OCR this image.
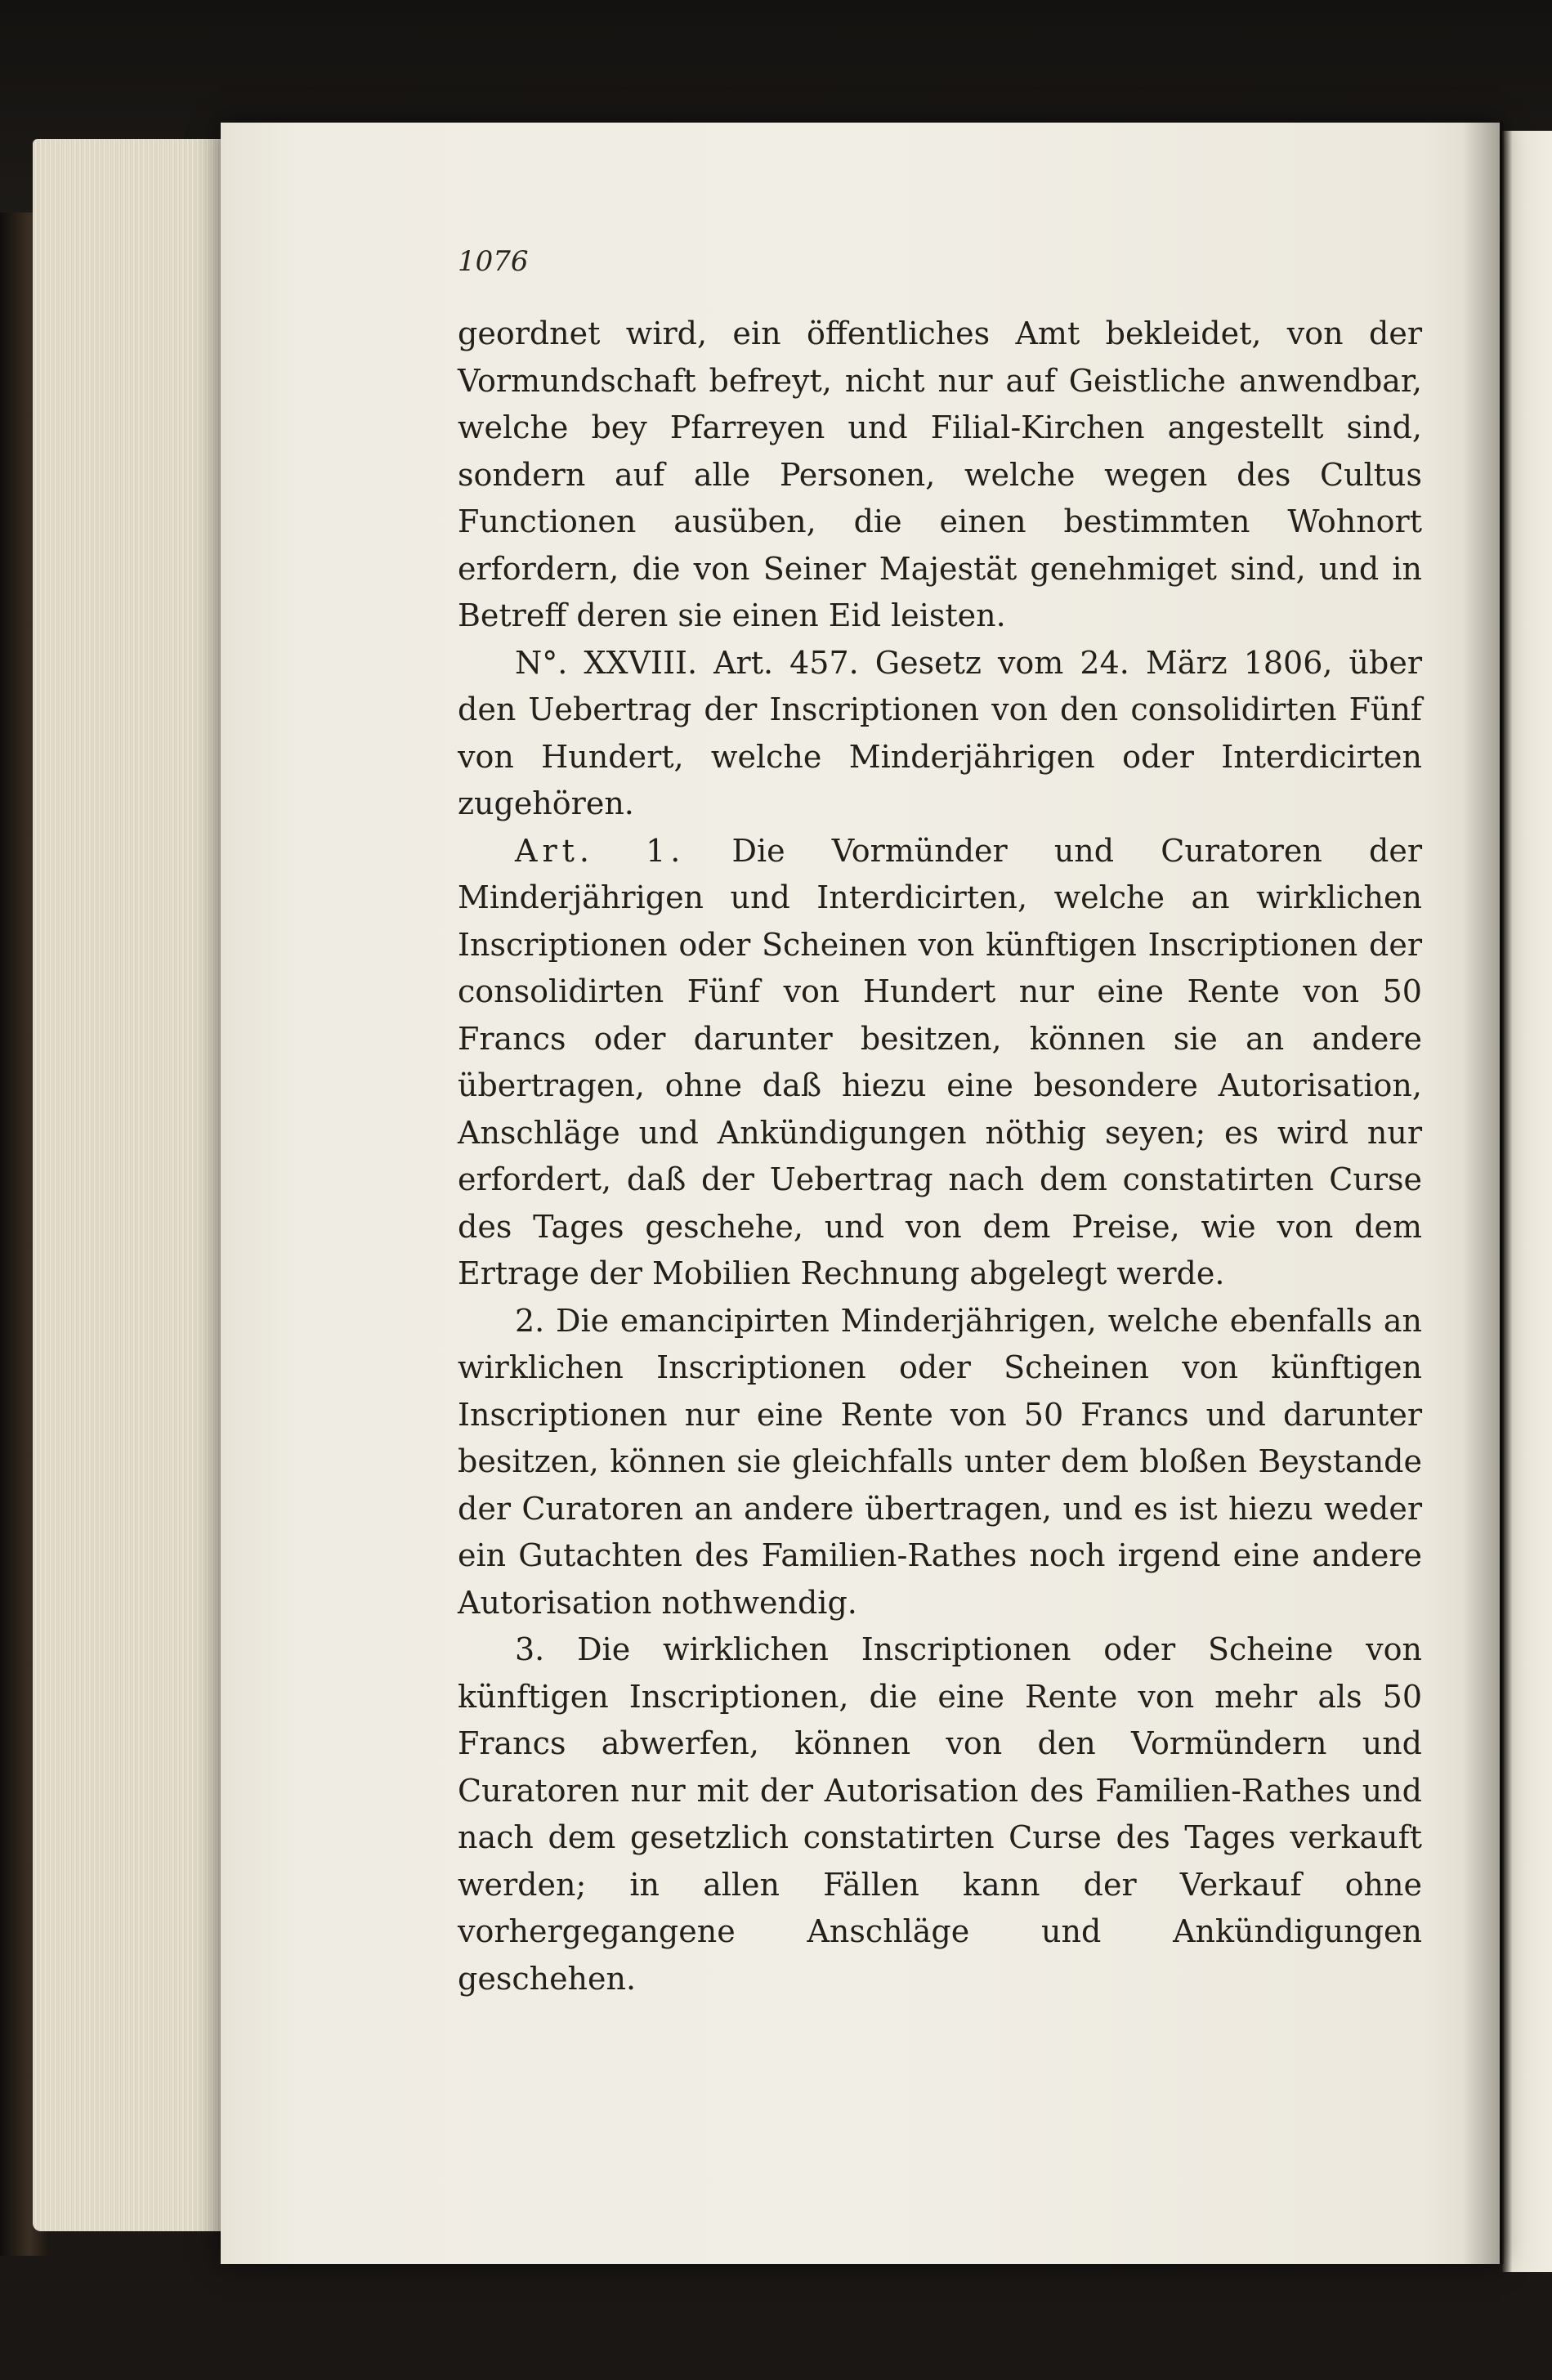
1076

geordnet wird, ein öffentliches Amt bekleidet, von der Vormundschaft befreyt, nicht nur auf Geistliche anwendbar, welche bey Pfarreyen und Filial-Kirchen angestellt sind, sondern auf alle Personen, welche wegen des Cultus Functionen ausüben, die einen bestimmten Wohnort erfordern, die von Seiner Majestät genehmiget sind, und in Betreff deren sie einen Eid leisten.

N°. XXVIII. Art. 457. Gesetz vom 24. März 1806, über den Uebertrag der Inscriptionen von den consolidirten Fünf von Hundert, welche Minderjährigen oder Interdicirten zugehören.

Art. 1. Die Vormünder und Curatoren der Minderjährigen und Interdicirten, welche an wirklichen Inscriptionen oder Scheinen von künftigen Inscriptionen der consolidirten Fünf von Hundert nur eine Rente von 50 Francs oder darunter besitzen, können sie an andere übertragen, ohne daß hiezu eine besondere Autorisation, Anschläge und Ankündigungen nöthig seyen; es wird nur erfordert, daß der Uebertrag nach dem constatirten Curse des Tages geschehe, und von dem Preise, wie von dem Ertrage der Mobilien Rechnung abgelegt werde.

2. Die emancipirten Minderjährigen, welche ebenfalls an wirklichen Inscriptionen oder Scheinen von künftigen Inscriptionen nur eine Rente von 50 Francs und darunter besitzen, können sie gleichfalls unter dem bloßen Beystande der Curatoren an andere übertragen, und es ist hiezu weder ein Gutachten des Familien-Rathes noch irgend eine andere Autorisation nothwendig.

3. Die wirklichen Inscriptionen oder Scheine von künftigen Inscriptionen, die eine Rente von mehr als 50 Francs abwerfen, können von den Vormündern und Curatoren nur mit der Autorisation des Familien-Rathes und nach dem gesetzlich constatirten Curse des Tages verkauft werden; in allen Fällen kann der Verkauf ohne vorhergegangene Anschläge und Ankündigungen geschehen.
